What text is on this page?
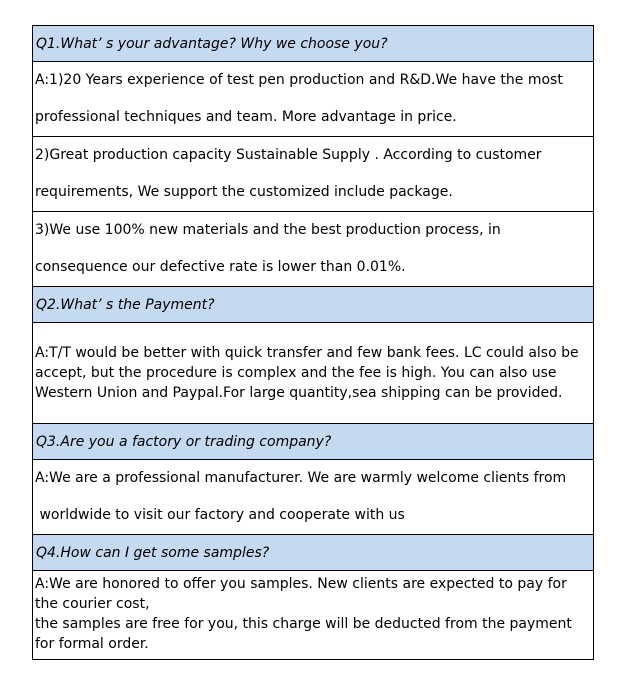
Q1.What’ s your advantage? Why we choose you?
A:1)20 Years experience of test pen production and R&D.We have the most
professional techniques and team. More advantage in price.
2)Great production capacity Sustainable Supply . According to customer
requirements, We support the customized include package.
3)We use 100% new materials and the best production process, in
consequence our defective rate is lower than 0.01%.
Q2.What’ s the Payment?
A:T/T would be better with quick transfer and few bank fees. LC could also be
accept, but the procedure is complex and the fee is high. You can also use
Western Union and Paypal.For large quantity,sea shipping can be provided.
Q3.Are you a factory or trading company?
A:We are a professional manufacturer. We are warmly welcome clients from
worldwide to visit our factory and cooperate with us
Q4.How can I get some samples?
A:We are honored to offer you samples. New clients are expected to pay for
the courier cost,
the samples are free for you, this charge will be deducted from the payment
for formal order.
